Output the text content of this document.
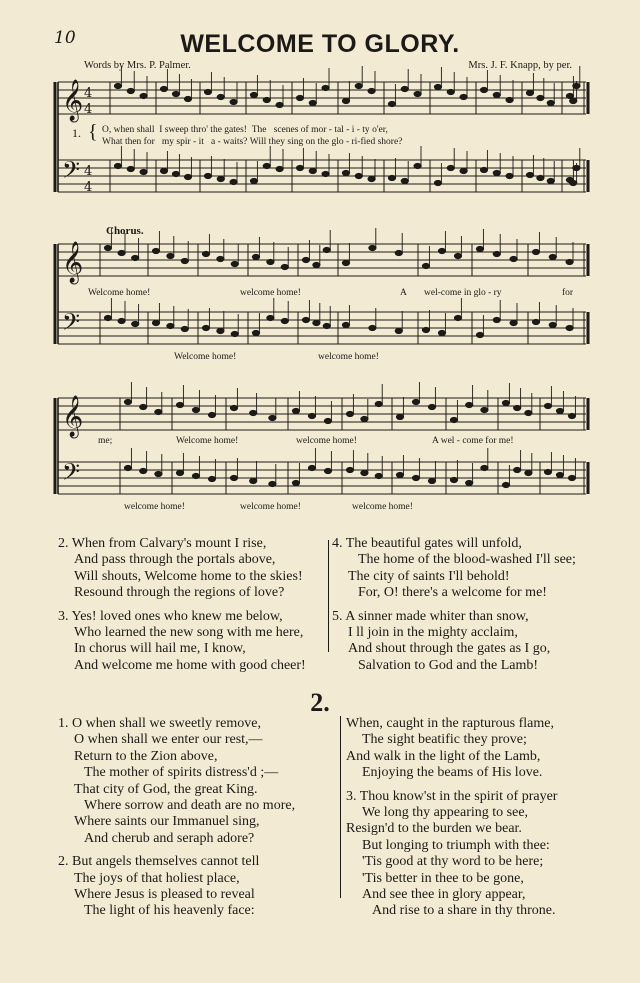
10	WELCOME TO GLORY.
Words by Mrs. P. Palmer.	Mrs. J. F. Knapp, by per.
𝄞
𝄢
4
4
4
4
𝄞
𝄢
𝄞
𝄢
1. { O, when shall I sweep thro' the gates! The scenes of mor - tal - i - ty o'er,
What then for my spir - it a - waits? Will they sing on the glo - ri-fied shore?
Chorus.
Welcome home!	welcome home!	A wel-come in glo - ry	for
Welcome home!	welcome home!
me;	Welcome home!	welcome home!	A wel - come for me!
welcome home!	welcome home!	welcome home!
2. When from Calvary's mount I rise,
And pass through the portals above,
Will shouts, Welcome home to the skies!
Resound through the regions of love?
3. Yes! loved ones who knew me below,
Who learned the new song with me here,
In chorus will hail me, I know,
And welcome me home with good cheer!
4. The beautiful gates will unfold,
The home of the blood-washed I'll see;
The city of saints I'll behold!
For, O! there's a welcome for me!
5. A sinner made whiter than snow,
I ll join in the mighty acclaim,
And shout through the gates as I go,
Salvation to God and the Lamb!
2.
1. O when shall we sweetly remove,
O when shall we enter our rest,—
Return to the Zion above,
The mother of spirits distress'd ;—
That city of God, the great King.
Where sorrow and death are no more,
Where saints our Immanuel sing,
And cherub and seraph adore?
2. But angels themselves cannot tell
The joys of that holiest place,
Where Jesus is pleased to reveal
The light of his heavenly face:
When, caught in the rapturous flame,
The sight beatific they prove;
And walk in the light of the Lamb,
Enjoying the beams of His love.
3. Thou know'st in the spirit of prayer
We long thy appearing to see,
Resign'd to the burden we bear.
But longing to triumph with thee:
'Tis good at thy word to be here;
'Tis better in thee to be gone,
And see thee in glory appear,
And rise to a share in thy throne.
